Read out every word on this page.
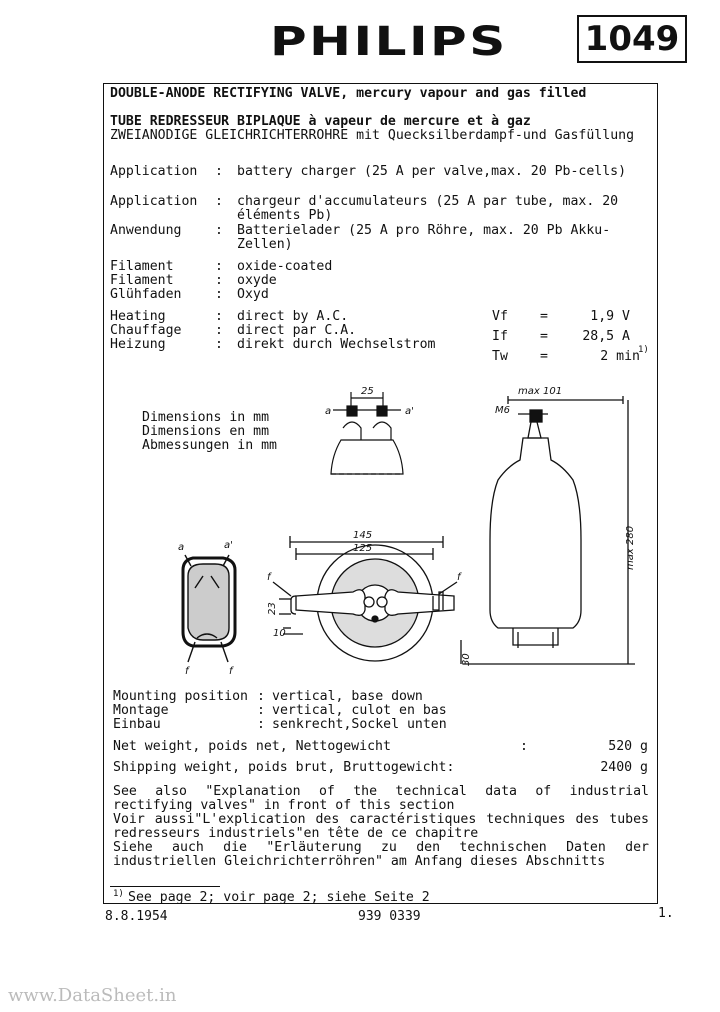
PHILIPS 1049
DOUBLE-ANODE RECTIFYING VALVE, mercury vapour and gas filled
TUBE REDRESSEUR BIPLAQUE à vapeur de mercure et à gaz
ZWEIANODIGE GLEICHRICHTERROHRE mit Quecksilberdampf-und Gasfüllung
Application : battery charger (25 A per valve,max. 20 Pb-cells)
Application : chargeur d'accumulateurs (25 A par tube, max. 20 éléments Pb)
Anwendung	: Batterielader (25 A pro Röhre, max. 20 Pb Akku-Zellen)
Filament	: oxide-coated
Filament	: oxyde
Glühfaden	: Oxyd
Heating	: direct by A.C.
Chauffage	: direct par C.A.
Heizung	: direkt durch Wechselstrom
Vf =	1,9 V
If =	28,5 A
Tw =	2 min
1)
Dimensions in mm
Dimensions en mm
Abmessungen in mm
25
a	a'
max 101
M6
max 280
30
a	a'
f	f
145
125
23
10
f	f
Mounting position : vertical, base down
Montage	: vertical, culot en bas
Einbau	: senkrecht,Sockel unten
Net weight, poids net, Nettogewicht	:	520 g
Shipping weight, poids brut, Bruttogewicht:	2400 g
See also "Explanation of the technical data of industrial rectifying valves" in front of this section
Voir aussi"L'explication des caractéristiques techniques des tubes redresseurs industriels"en tête de ce chapitre
Siehe auch die "Erläuterung zu den technischen Daten der industriellen Gleichrichterröhren" am Anfang dieses Abschnitts
1) See page 2; voir page 2; siehe Seite 2
8.8.1954	939 0339	1.
www.DataSheet.in
